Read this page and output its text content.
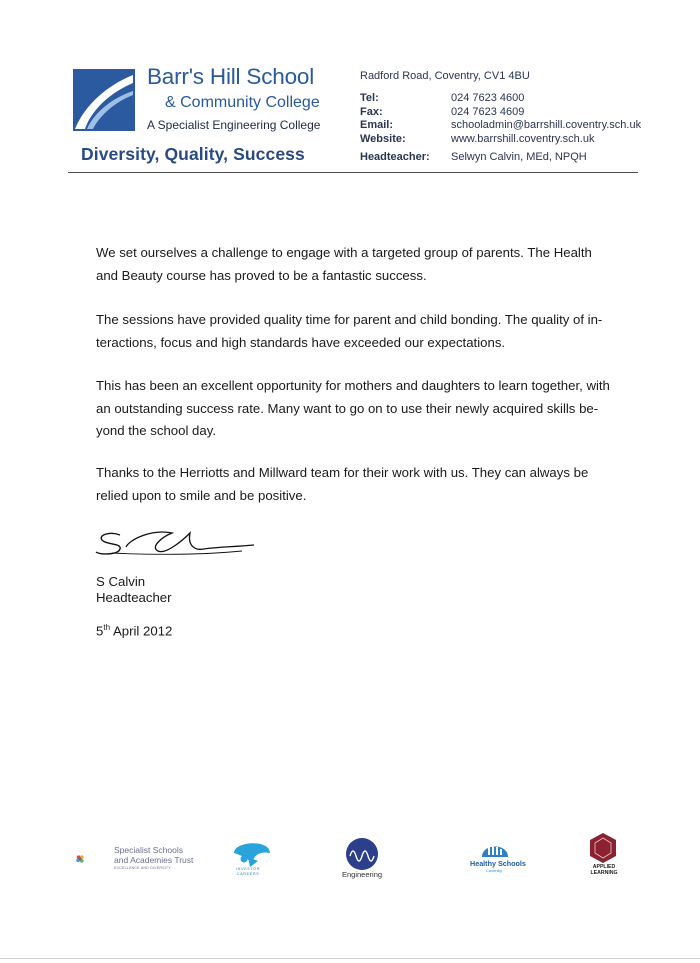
Barr's Hill School
& Community College
A Specialist Engineering College
Diversity, Quality, Success
Radford Road, Coventry, CV1 4BU
Tel:	024 7623 4600
Fax:	024 7623 4609
Email:	schooladmin@barrshill.coventry.sch.uk
Website:	www.barrshill.coventry.sch.uk
Headteacher:	Selwyn Calvin, MEd, NPQH

We set ourselves a challenge to engage with a targeted group of parents. The Health and Beauty course has proved to be a fantastic success.

The sessions have provided quality time for parent and child bonding. The quality of in-teractions, focus and high standards have exceeded our expectations.

This has been an excellent opportunity for mothers and daughters to learn together, with an outstanding success rate. Many want to go on to use their newly acquired skills be-yond the school day.

Thanks to the Herriotts and Millward team for their work with us. They can always be relied upon to smile and be positive.

S Calvin
Headteacher
5th April 2012
Specialist Schools
and Academies Trust
EXCELLENCE AND DIVERSITY	INVESTOR
CAREERS	Engineering
Healthy Schools
Coventry
APPLIED
LEARNING
